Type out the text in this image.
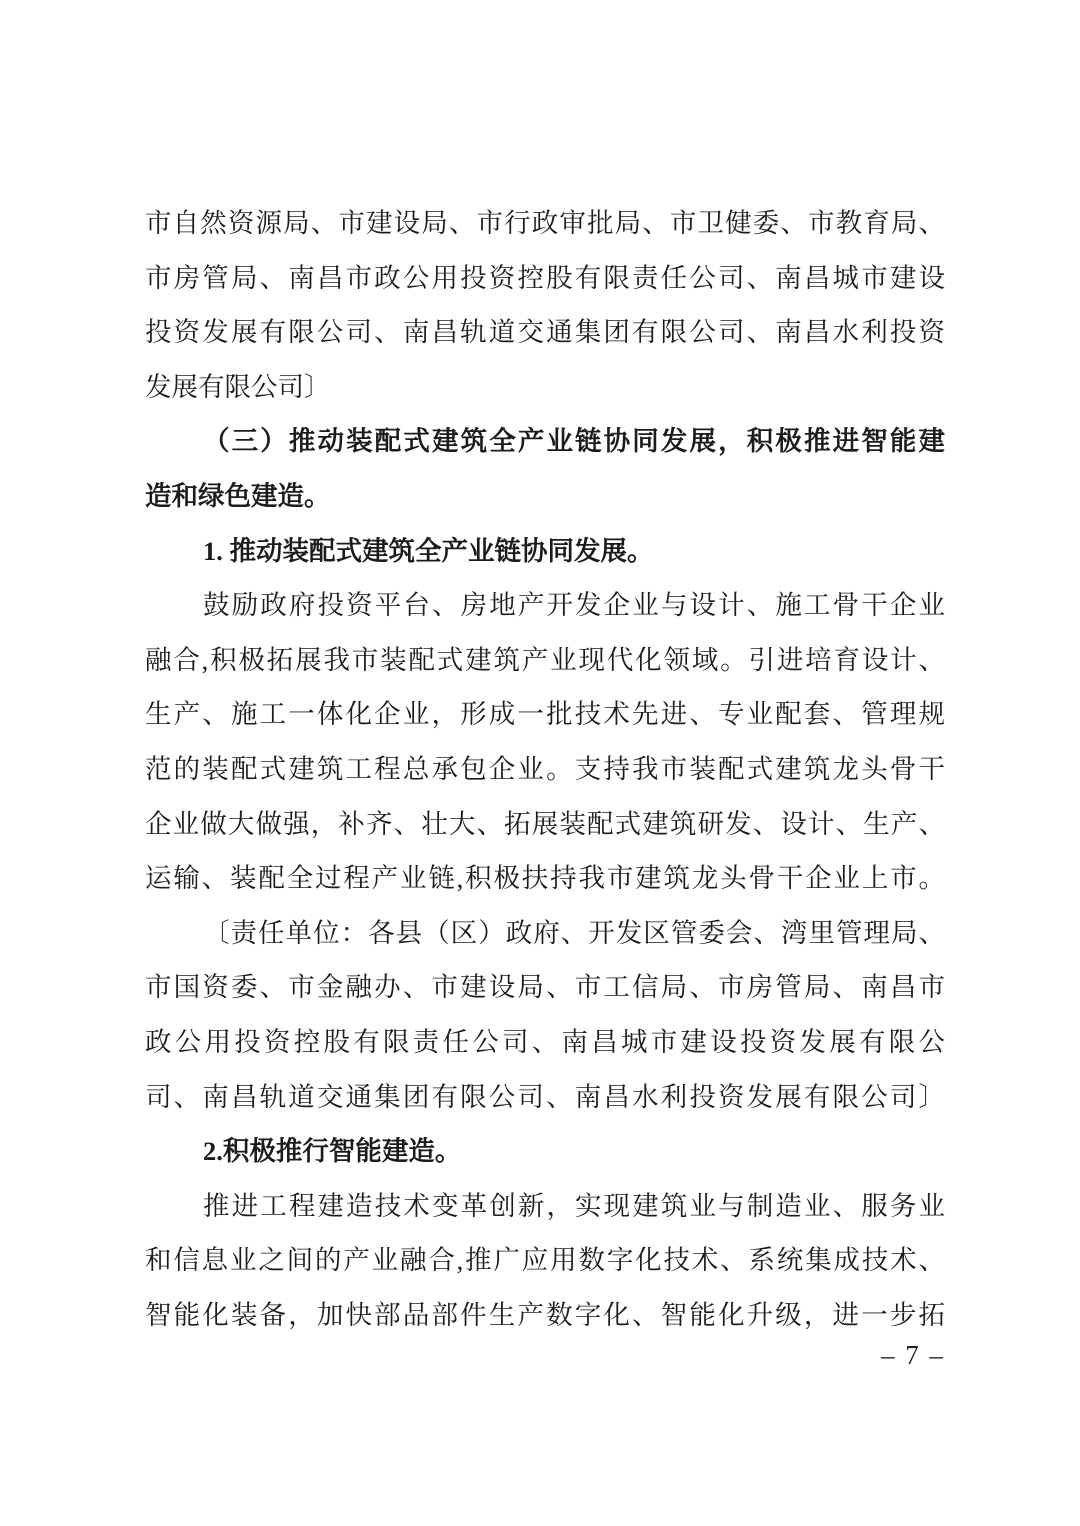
市自然资源局、市建设局、市行政审批局、市卫健委、市教育局、
市房管局、南昌市政公用投资控股有限责任公司、南昌城市建设
投资发展有限公司、南昌轨道交通集团有限公司、南昌水利投资
发展有限公司〕
（三）推动装配式建筑全产业链协同发展，积极推进智能建
造和绿色建造。
1. 推动装配式建筑全产业链协同发展。
鼓励政府投资平台、房地产开发企业与设计、施工骨干企业
融合,积极拓展我市装配式建筑产业现代化领域。引进培育设计、
生产、施工一体化企业，形成一批技术先进、专业配套、管理规
范的装配式建筑工程总承包企业。支持我市装配式建筑龙头骨干
企业做大做强，补齐、壮大、拓展装配式建筑研发、设计、生产、
运输、装配全过程产业链,积极扶持我市建筑龙头骨干企业上市。
〔责任单位：各县（区）政府、开发区管委会、湾里管理局、
市国资委、市金融办、市建设局、市工信局、市房管局、南昌市
政公用投资控股有限责任公司、南昌城市建设投资发展有限公
司、南昌轨道交通集团有限公司、南昌水利投资发展有限公司〕
2.积极推行智能建造。
推进工程建造技术变革创新，实现建筑业与制造业、服务业
和信息业之间的产业融合,推广应用数字化技术、系统集成技术、
智能化装备，加快部品部件生产数字化、智能化升级，进一步拓
– 7 –
